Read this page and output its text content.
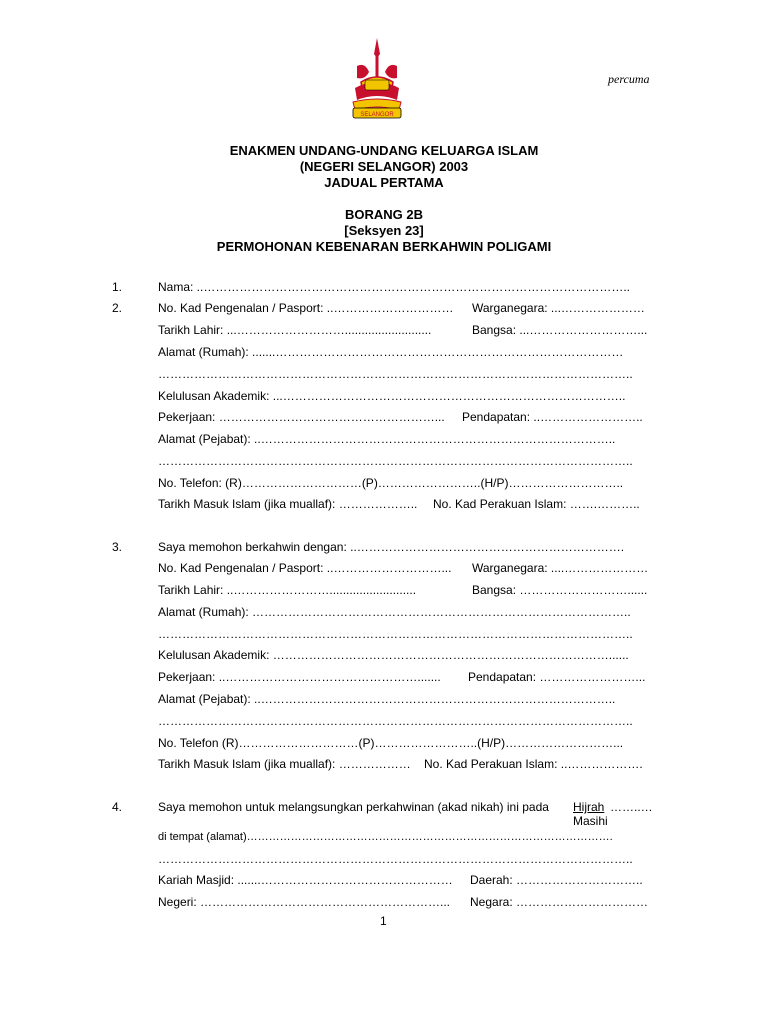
SELANGOR
percuma
ENAKMEN UNDANG-UNDANG KELUARGA ISLAM
(NEGERI SELANGOR) 2003
JADUAL PERTAMA
BORANG 2B
[Seksyen 23]
PERMOHONAN KEBENARAN BERKAHWIN POLIGAMI
1.	Nama: ..……………………………………………………………………………………………..
2.	No. Kad Pengenalan / Pasport: ..………………………… Warganegara: ...…………………
Tarikh Lahir: ...………………………..........................	Bangsa: ...………………………...
Alamat (Rumah): .......……………………………………………………………………………
………………………………………………………………………………………………………..
Kelulusan Akademik: ...…………………………………………………………………………..
Pekerjaan: ………………………………………………... Pendapatan: ..……………………..
Alamat (Pejabat): ..……………………………………………………………………………..
………………………………………………………………………………………………………..
No. Telefon: (R)…………………………(P)……………………..(H/P)………………………..
Tarikh Masuk Islam (jika muallaf): ……………….. No. Kad Perakuan Islam: …….………..
3.	Saya memohon berkahwin dengan: ..………………………………………………………….
No. Kad Pengenalan / Pasport: ..………………………... Warganegara: ....…………………
Tarikh Lahir: ..……………………..........................	Bangsa: ………………………......
Alamat (Rumah): …………………………………………………………………………………..
………………………………………………………………………………………………………..
Kelulusan Akademik: …………………………………………………………………………......
Pekerjaan: ..…………………………………………....... Pendapatan: ……………………...
Alamat (Pejabat): ..……………………………………………………………………………..
………………………………………………………………………………………………………..
No. Telefon (R)…………………………(P)……………………..(H/P)………………………...
Tarikh Masuk Islam (jika muallaf): ……………… No. Kad Perakuan Islam: ..……………….
4.	Saya memohon untuk melangsungkan perkahwinan (akad nikah) ini pada Hijrah ……..…
Masihi
di tempat (alamat)……………………………………………………………………………………….
………………………………………………………………………………………………………..
Kariah Masjid: .......………………………………………… Daerah: …………………………..
Negeri: ……………………………………………………... Negara: ……………………………
1
